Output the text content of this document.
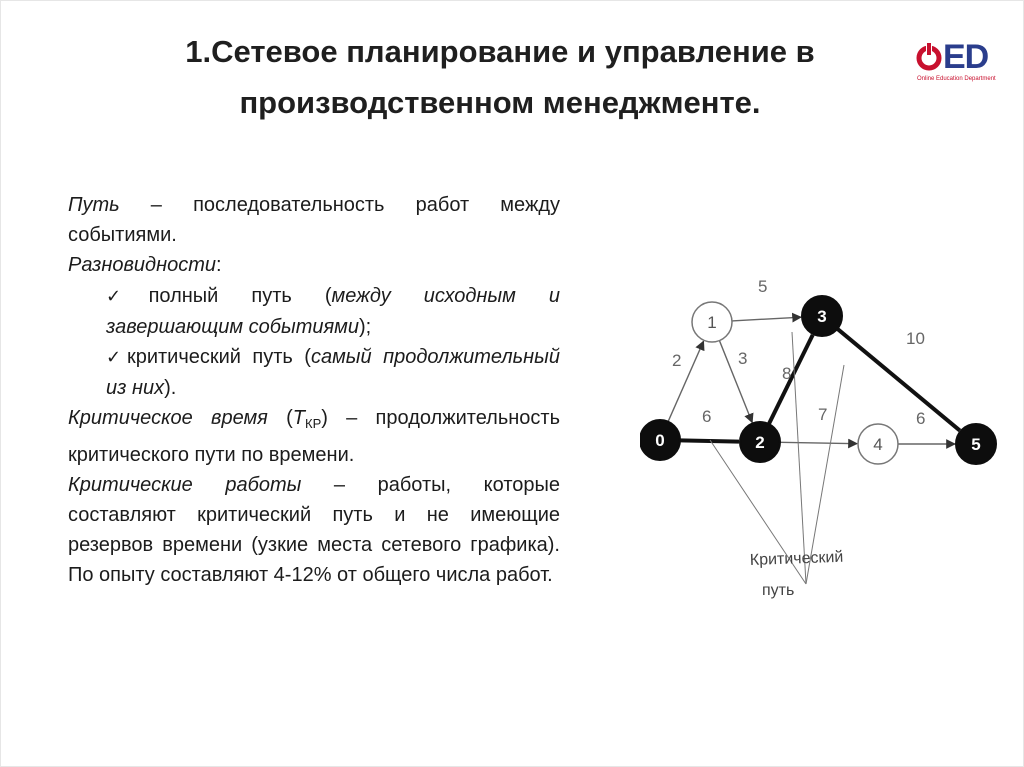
1.Сетевое планирование и управление в
производственном менеджменте.
ED
Online Education Department

Путь – последовательность работ между событиями.

Разновидности:

✓полный путь (между исходным и завершающим событиями);

✓критический путь (самый продолжительный из них).

Критическое время $(T_{КР})$ – продолжительность критического пути по времени.

Критические работы – работы, которые составляют критический путь и не имеющие резервов времени (узкие места сетевого графика). По опыту составляют 4-12% от общего числа работ.

2
5
3
6
8
10
7	6
Критический
путь
0
1
2
3
4	5
